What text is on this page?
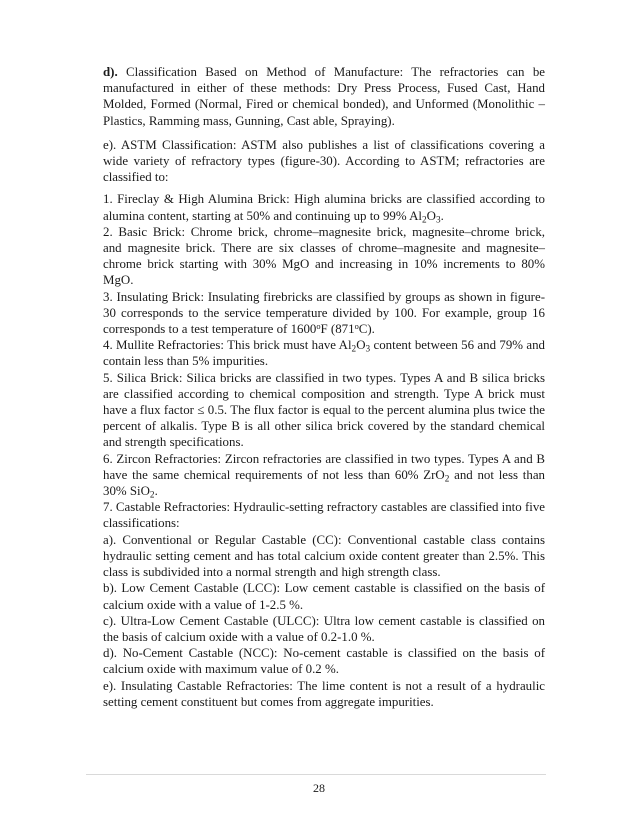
d). Classification Based on Method of Manufacture: The refractories can be manufactured in either of these methods: Dry Press Process, Fused Cast, Hand Molded, Formed (Normal, Fired or chemical bonded), and Unformed (Monolithic – Plastics, Ramming mass, Gunning, Cast able, Spraying).

e). ASTM Classification: ASTM also publishes a list of classifications covering a wide variety of refractory types (figure-30). According to ASTM; refractories are classified to:

1. Fireclay & High Alumina Brick: High alumina bricks are classified according to alumina content, starting at 50% and continuing up to 99% $Al_2O_3$.

2. Basic Brick: Chrome brick, chrome–magnesite brick, magnesite–chrome brick, and magnesite brick. There are six classes of chrome–magnesite and magnesite–chrome brick starting with 30% MgO and increasing in 10% increments to 80% MgO.

3. Insulating Brick: Insulating firebricks are classified by groups as shown in figure-30 corresponds to the service temperature divided by 100. For example, group 16 corresponds to a test temperature of 1600$^o$F (871$^o$C).

4. Mullite Refractories: This brick must have $Al_2O_3$ content between 56 and 79% and contain less than 5% impurities.

5. Silica Brick: Silica bricks are classified in two types. Types A and B silica bricks are classified according to chemical composition and strength. Type A brick must have a flux factor ≤ 0.5. The flux factor is equal to the percent alumina plus twice the percent of alkalis. Type B is all other silica brick covered by the standard chemical and strength specifications.

6. Zircon Refractories: Zircon refractories are classified in two types. Types A and B have the same chemical requirements of not less than 60% ZrO$_2$ and not less than 30% SiO$_2$.

7. Castable Refractories: Hydraulic-setting refractory castables are classified into five classifications:

a). Conventional or Regular Castable (CC): Conventional castable class contains hydraulic setting cement and has total calcium oxide content greater than 2.5%. This class is subdivided into a normal strength and high strength class.

b). Low Cement Castable (LCC): Low cement castable is classified on the basis of calcium oxide with a value of 1-2.5 %.

c). Ultra-Low Cement Castable (ULCC): Ultra low cement castable is classified on the basis of calcium oxide with a value of 0.2-1.0 %.

d). No-Cement Castable (NCC): No-cement castable is classified on the basis of calcium oxide with maximum value of 0.2 %.

e). Insulating Castable Refractories: The lime content is not a result of a hydraulic setting cement constituent but comes from aggregate impurities.

28
